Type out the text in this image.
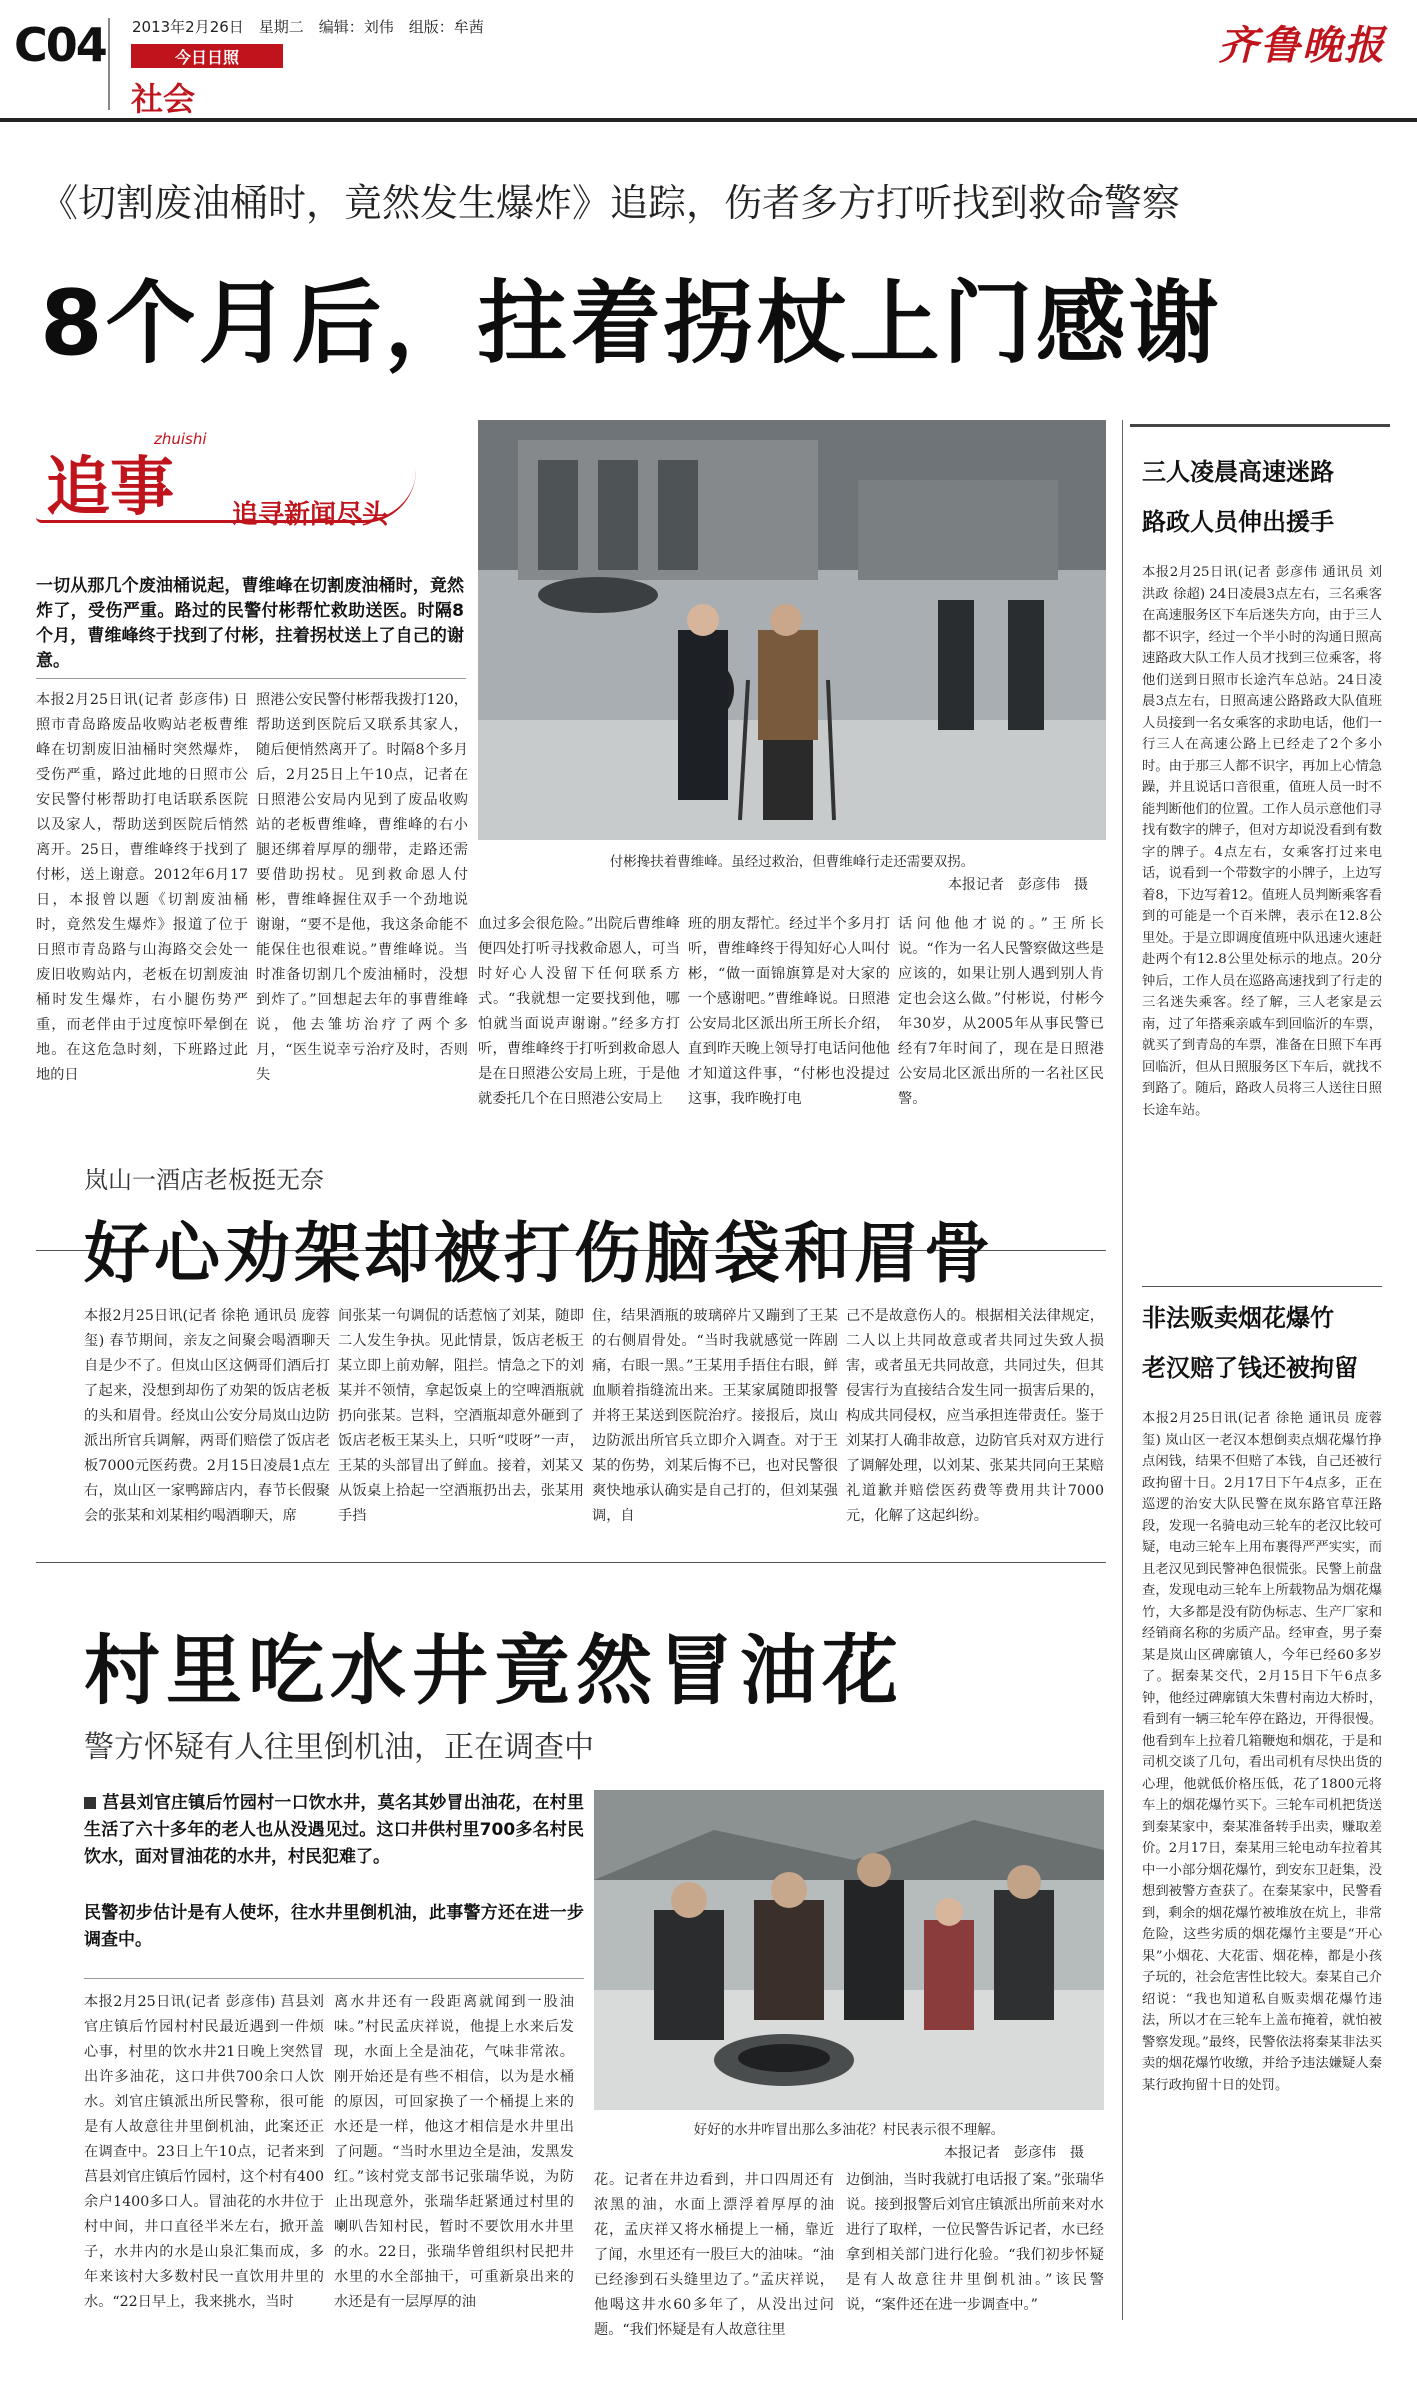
C04 2013年2月26日　星期二　编辑：刘伟　组版：牟茜
今日日照
社会
齐鲁晚报
《切割废油桶时，竟然发生爆炸》追踪，伤者多方打听找到救命警察
8个月后，拄着拐杖上门感谢
追事
zhuishi
追寻新闻尽头
一切从那几个废油桶说起，曹维峰在切割废油桶时，竟然炸了，受伤严重。路过的民警付彬帮忙救助送医。时隔8个月，曹维峰终于找到了付彬，拄着拐杖送上了自己的谢意。
付彬搀扶着曹维峰。虽经过救治，但曹维峰行走还需要双拐。
本报记者　彭彦伟　摄
本报2月25日讯(记者 彭彦伟) 日照市青岛路废品收购站老板曹维峰在切割废旧油桶时突然爆炸，受伤严重，路过此地的日照市公安民警付彬帮助打电话联系医院以及家人，帮助送到医院后悄然离开。25日，曹维峰终于找到了付彬，送上谢意。2012年6月17日，本报曾以题《切割废油桶时，竟然发生爆炸》报道了位于日照市青岛路与山海路交会处一废旧收购站内，老板在切割废油桶时发生爆炸，右小腿伤势严重，而老伴由于过度惊吓晕倒在地。在这危急时刻，下班路过此地的日
照港公安民警付彬帮我拨打120，帮助送到医院后又联系其家人，随后便悄然离开了。时隔8个多月后，2月25日上午10点，记者在日照港公安局内见到了废品收购站的老板曹维峰，曹维峰的右小腿还绑着厚厚的绷带，走路还需要借助拐杖。见到救命恩人付彬，曹维峰握住双手一个劲地说谢谢，“要不是他，我这条命能不能保住也很难说。”曹维峰说。当时准备切割几个废油桶时，没想到炸了。”回想起去年的事曹维峰说，他去雏坊治疗了两个多月，“医生说幸亏治疗及时，否则失
血过多会很危险。”出院后曹维峰便四处打听寻找救命恩人，可当时好心人没留下任何联系方式。“我就想一定要找到他，哪怕就当面说声谢谢。”经多方打听，曹维峰终于打听到救命恩人是在日照港公安局上班，于是他就委托几个在日照港公安局上
班的朋友帮忙。经过半个多月打听，曹维峰终于得知好心人叫付彬，“做一面锦旗算是对大家的一个感谢吧。”曹维峰说。日照港公安局北区派出所王所长介绍，直到昨天晚上领导打电话问他他才知道这件事，“付彬也没提过这事，我昨晚打电
话问他他才说的。”王所长说。“作为一名人民警察做这些是应该的，如果让别人遇到别人肯定也会这么做。”付彬说，付彬今年30岁，从2005年从事民警已经有7年时间了，现在是日照港公安局北区派出所的一名社区民警。
三人凌晨高速迷路
路政人员伸出援手
本报2月25日讯(记者 彭彦伟 通讯员 刘洪政 徐超) 24日凌晨3点左右，三名乘客在高速服务区下车后迷失方向，由于三人都不识字，经过一个半小时的沟通日照高速路政大队工作人员才找到三位乘客，将他们送到日照市长途汽车总站。24日凌晨3点左右，日照高速公路路政大队值班人员接到一名女乘客的求助电话，他们一行三人在高速公路上已经走了2个多小时。由于那三人都不识字，再加上心情急躁，并且说话口音很重，值班人员一时不能判断他们的位置。工作人员示意他们寻找有数字的牌子，但对方却说没看到有数字的牌子。4点左右，女乘客打过来电话，说看到一个带数字的小牌子，上边写着8，下边写着12。值班人员判断乘客看到的可能是一个百米牌，表示在12.8公里处。于是立即调度值班中队迅速火速赶赴两个有12.8公里处标示的地点。20分钟后，工作人员在巡路高速找到了行走的三名迷失乘客。经了解，三人老家是云南，过了年搭乘亲戚车到回临沂的车票，就买了到青岛的车票，准备在日照下车再回临沂，但从日照服务区下车后，就找不到路了。随后，路政人员将三人送往日照长途车站。
非法贩卖烟花爆竹
老汉赔了钱还被拘留
本报2月25日讯(记者 徐艳 通讯员 庞蓉玺) 岚山区一老汉本想倒卖点烟花爆竹挣点闲钱，结果不但赔了本钱，自己还被行政拘留十日。2月17日下午4点多，正在巡逻的治安大队民警在岚东路官草汪路段，发现一名骑电动三轮车的老汉比较可疑，电动三轮车上用布裹得严严实实，而且老汉见到民警神色很慌张。民警上前盘查，发现电动三轮车上所载物品为烟花爆竹，大多都是没有防伪标志、生产厂家和经销商名称的劣质产品。经审查，男子秦某是岚山区碑廓镇人，今年已经60多岁了。据秦某交代，2月15日下午6点多钟，他经过碑廓镇大朱曹村南边大桥时，看到有一辆三轮车停在路边，开得很慢。他看到车上拉着几箱鞭炮和烟花，于是和司机交谈了几句，看出司机有尽快出货的心理，他就低价格压低，花了1800元将车上的烟花爆竹买下。三轮车司机把货送到秦某家中，秦某准备转手出卖，赚取差价。2月17日，秦某用三轮电动车拉着其中一小部分烟花爆竹，到安东卫赶集，没想到被警方查获了。在秦某家中，民警看到，剩余的烟花爆竹被堆放在炕上，非常危险，这些劣质的烟花爆竹主要是“开心果”小烟花、大花雷、烟花棒，都是小孩子玩的，社会危害性比较大。秦某自己介绍说：“我也知道私自贩卖烟花爆竹违法，所以才在三轮车上盖布掩着，就怕被警察发现。”最终，民警依法将秦某非法买卖的烟花爆竹收缴，并给予违法嫌疑人秦某行政拘留十日的处罚。
岚山一酒店老板挺无奈
好心劝架却被打伤脑袋和眉骨
本报2月25日讯(记者 徐艳 通讯员 庞蓉玺) 春节期间，亲友之间聚会喝酒聊天自是少不了。但岚山区这俩哥们酒后打了起来，没想到却伤了劝架的饭店老板的头和眉骨。经岚山公安分局岚山边防派出所官兵调解，两哥们赔偿了饭店老板7000元医药费。2月15日凌晨1点左右，岚山区一家鸭蹄店内，春节长假聚会的张某和刘某相约喝酒聊天，席
间张某一句调侃的话惹恼了刘某，随即二人发生争执。见此情景，饭店老板王某立即上前劝解，阻拦。情急之下的刘某并不领情，拿起饭桌上的空啤酒瓶就扔向张某。岂料，空酒瓶却意外砸到了饭店老板王某头上，只听“哎呀”一声，王某的头部冒出了鲜血。接着，刘某又从饭桌上拾起一空酒瓶扔出去，张某用手挡
住，结果酒瓶的玻璃碎片又蹦到了王某的右侧眉骨处。“当时我就感觉一阵剧痛，右眼一黑。”王某用手捂住右眼，鲜血顺着指缝流出来。王某家属随即报警并将王某送到医院治疗。接报后，岚山边防派出所官兵立即介入调查。对于王某的伤势，刘某后悔不已，也对民警很爽快地承认确实是自己打的，但刘某强调，自
己不是故意伤人的。根据相关法律规定，二人以上共同故意或者共同过失致人损害，或者虽无共同故意，共同过失，但其侵害行为直接结合发生同一损害后果的，构成共同侵权，应当承担连带责任。鉴于刘某打人确非故意，边防官兵对双方进行了调解处理，以刘某、张某共同向王某赔礼道歉并赔偿医药费等费用共计7000元，化解了这起纠纷。
村里吃水井竟然冒油花
警方怀疑有人往里倒机油，正在调查中
莒县刘官庄镇后竹园村一口饮水井，莫名其妙冒出油花，在村里生活了六十多年的老人也从没遇见过。这口井供村里700多名村民饮水，面对冒油花的水井，村民犯难了。
民警初步估计是有人使坏，往水井里倒机油，此事警方还在进一步调查中。
好好的水井咋冒出那么多油花？村民表示很不理解。
本报记者　彭彦伟　摄
本报2月25日讯(记者 彭彦伟) 莒县刘官庄镇后竹园村村民最近遇到一件烦心事，村里的饮水井21日晚上突然冒出许多油花，这口井供700余口人饮水。刘官庄镇派出所民警称，很可能是有人故意往井里倒机油，此案还正在调查中。23日上午10点，记者来到莒县刘官庄镇后竹园村，这个村有400余户1400多口人。冒油花的水井位于村中间，井口直径半米左右，掀开盖子，水井内的水是山泉汇集而成，多年来该村大多数村民一直饮用井里的水。“22日早上，我来挑水，当时
离水井还有一段距离就闻到一股油味。”村民孟庆祥说，他提上水来后发现，水面上全是油花，气味非常浓。刚开始还是有些不相信，以为是水桶的原因，可回家换了一个桶提上来的水还是一样，他这才相信是水井里出了问题。“当时水里边全是油，发黑发红。”该村党支部书记张瑞华说，为防止出现意外，张瑞华赶紧通过村里的喇叭告知村民，暂时不要饮用水井里的水。22日，张瑞华曾组织村民把井水里的水全部抽干，可重新泉出来的水还是有一层厚厚的油
花。记者在井边看到，井口四周还有浓黑的油，水面上漂浮着厚厚的油花，孟庆祥又将水桶提上一桶，靠近了闻，水里还有一股巨大的油味。“油已经渗到石头缝里边了。”孟庆祥说，他喝这井水60多年了，从没出过问题。“我们怀疑是有人故意往里
边倒油，当时我就打电话报了案。”张瑞华说。接到报警后刘官庄镇派出所前来对水进行了取样，一位民警告诉记者，水已经拿到相关部门进行化验。“我们初步怀疑是有人故意往井里倒机油。”该民警说，“案件还在进一步调查中。”
